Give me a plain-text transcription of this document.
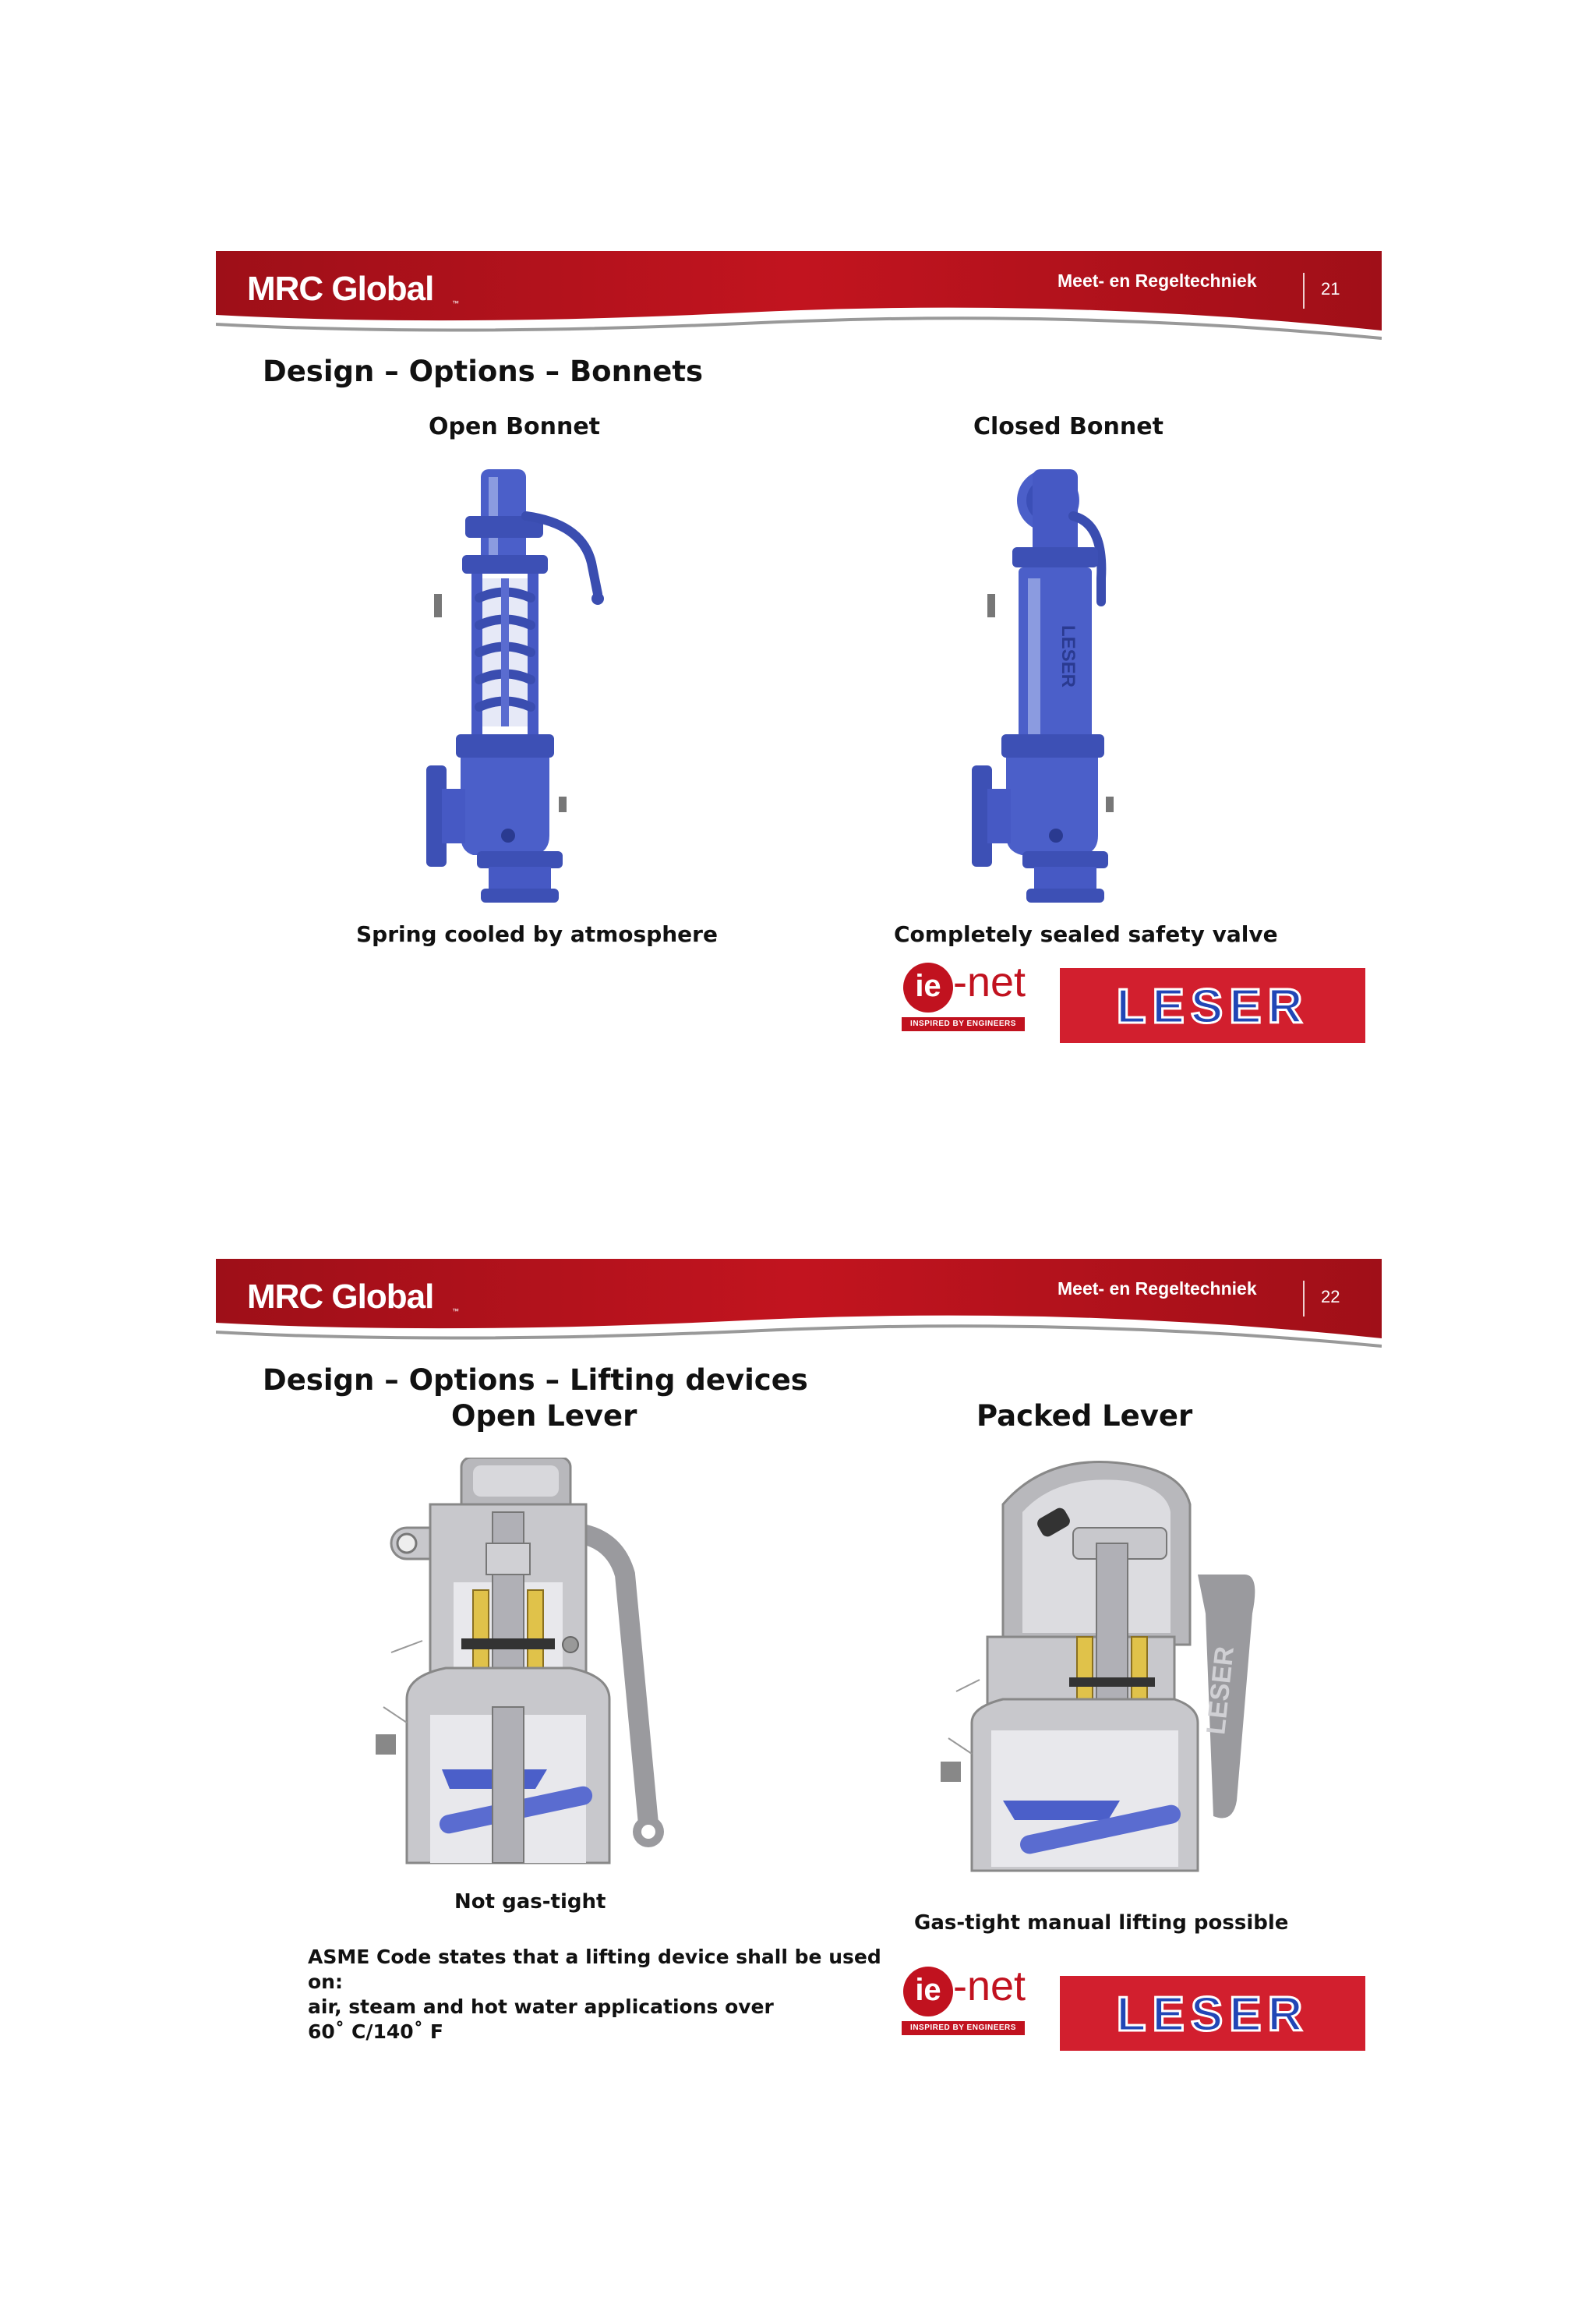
MRC Global	™
Meet- en Regeltechniek	21
Design – Options – Bonnets
Open Bonnet	Closed Bonnet
LESER
Spring cooled by atmosphere	Completely sealed safety valve
ie -net
INSPIRED BY ENGINEERS	LESER
MRC Global	™
Meet- en Regeltechniek	22
Design – Options – Lifting devices
Open Lever	Packed Lever
LESER
Not gas-tight
Gas-tight manual lifting possible
ASME Code states that a lifting device shall be used
on:
air, steam and hot water applications over
60˚ C/140˚ F
ie -net
INSPIRED BY ENGINEERS	LESER
